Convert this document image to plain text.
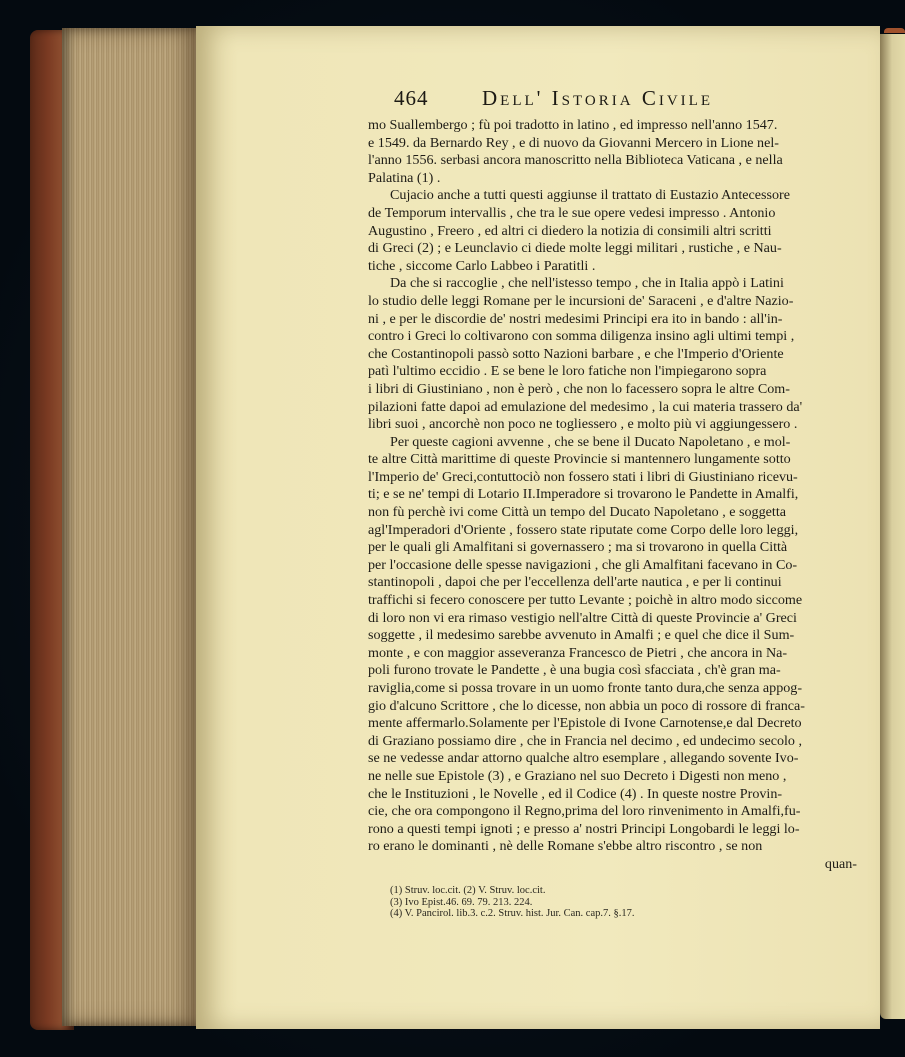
464	Dell' Istoria Civile
mo Suallembergo ; fù poi tradotto in latino , ed impresso nell'anno 1547.
e 1549. da Bernardo Rey , e di nuovo da Giovanni Mercero in Lione nel-
l'anno 1556. serbasi ancora manoscritto nella Biblioteca Vaticana , e nella
Palatina (1) .
Cujacio anche a tutti questi aggiunse il trattato di Eustazio Antecessore
de Temporum intervallis , che tra le sue opere vedesi impresso . Antonio
Augustino , Freero , ed altri ci diedero la notizia di consimili altri scritti
di Greci (2) ; e Leunclavio ci diede molte leggi militari , rustiche , e Nau-
tiche , siccome Carlo Labbeo i Paratitli .
Da che si raccoglie , che nell'istesso tempo , che in Italia appò i Latini
lo studio delle leggi Romane per le incursioni de' Saraceni , e d'altre Nazio-
ni , e per le discordie de' nostri medesimi Principi era ito in bando : all'in-
contro i Greci lo coltivarono con somma diligenza insino agli ultimi tempi ,
che Costantinopoli passò sotto Nazioni barbare , e che l'Imperio d'Oriente
patì l'ultimo eccidio . E se bene le loro fatiche non l'impiegarono sopra
i libri di Giustiniano , non è però , che non lo facessero sopra le altre Com-
pilazioni fatte dapoi ad emulazione del medesimo , la cui materia trassero da'
libri suoi , ancorchè non poco ne togliessero , e molto più vi aggiungessero .
Per queste cagioni avvenne , che se bene il Ducato Napoletano , e mol-
te altre Città marittime di queste Provincie si mantennero lungamente sotto
l'Imperio de' Greci,contuttociò non fossero stati i libri di Giustiniano ricevu-
ti; e se ne' tempi di Lotario II.Imperadore si trovarono le Pandette in Amalfi,
non fù perchè ivi come Città un tempo del Ducato Napoletano , e soggetta
agl'Imperadori d'Oriente , fossero state riputate come Corpo delle loro leggi,
per le quali gli Amalfitani si governassero ; ma si trovarono in quella Città
per l'occasione delle spesse navigazioni , che gli Amalfitani facevano in Co-
stantinopoli , dapoi che per l'eccellenza dell'arte nautica , e per li continui
traffichi si fecero conoscere per tutto Levante ; poichè in altro modo siccome
di loro non vi era rimaso vestigio nell'altre Città di queste Provincie a' Greci
soggette , il medesimo sarebbe avvenuto in Amalfi ; e quel che dice il Sum-
monte , e con maggior asseveranza Francesco de Pietri , che ancora in Na-
poli furono trovate le Pandette , è una bugia così sfacciata , ch'è gran ma-
raviglia,come si possa trovare in un uomo fronte tanto dura,che senza appog-
gio d'alcuno Scrittore , che lo dicesse, non abbia un poco di rossore di franca-
mente affermarlo.Solamente per l'Epistole di Ivone Carnotense,e dal Decreto
di Graziano possiamo dire , che in Francia nel decimo , ed undecimo secolo ,
se ne vedesse andar attorno qualche altro esemplare , allegando sovente Ivo-
ne nelle sue Epistole (3) , e Graziano nel suo Decreto i Digesti non meno ,
che le Instituzioni , le Novelle , ed il Codice (4) . In queste nostre Provin-
cie, che ora compongono il Regno,prima del loro rinvenimento in Amalfi,fu-
rono a questi tempi ignoti ; e presso a' nostri Principi Longobardi le leggi lo-
ro erano le dominanti , nè delle Romane s'ebbe altro riscontro , se non
quan-
(1) Struv. loc.cit. (2) V. Struv. loc.cit.
(3) Ivo Epist.46. 69. 79. 213. 224.
(4) V. Pancirol. lib.3. c.2. Struv. hist. Jur. Can. cap.7. §.17.
